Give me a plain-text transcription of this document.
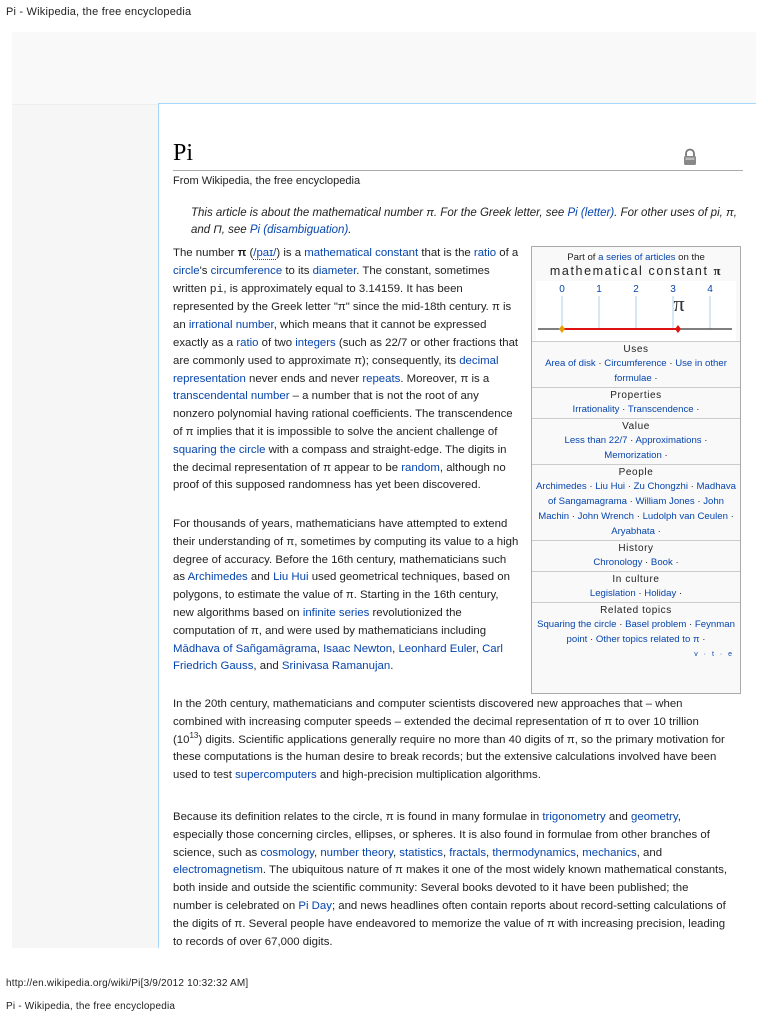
Pi - Wikipedia, the free encyclopedia
Pi
From Wikipedia, the free encyclopedia
This article is about the mathematical number π. For the Greek letter, see Pi (letter). For other uses of pi, π, and Π, see Pi (disambiguation).
The number π (/paɪ/) is a mathematical constant that is the ratio of a circle's circumference to its diameter. The constant, sometimes written pi, is approximately equal to 3.14159. It has been represented by the Greek letter "π" since the mid-18th century. π is an irrational number, which means that it cannot be expressed exactly as a ratio of two integers (such as 22/7 or other fractions that are commonly used to approximate π); consequently, its decimal representation never ends and never repeats. Moreover, π is a transcendental number – a number that is not the root of any nonzero polynomial having rational coefficients. The transcendence of π implies that it is impossible to solve the ancient challenge of squaring the circle with a compass and straight-edge. The digits in the decimal representation of π appear to be random, although no proof of this supposed randomness has yet been discovered.
For thousands of years, mathematicians have attempted to extend their understanding of π, sometimes by computing its value to a high degree of accuracy. Before the 16th century, mathematicians such as Archimedes and Liu Hui used geometrical techniques, based on polygons, to estimate the value of π. Starting in the 16th century, new algorithms based on infinite series revolutionized the computation of π, and were used by mathematicians including Mādhava of Sañgamāgrama, Isaac Newton, Leonhard Euler, Carl Friedrich Gauss, and Srinivasa Ramanujan.
In the 20th century, mathematicians and computer scientists discovered new approaches that – when combined with increasing computer speeds – extended the decimal representation of π to over 10 trillion $(10^{13})$ digits. Scientific applications generally require no more than 40 digits of π, so the primary motivation for these computations is the human desire to break records; but the extensive calculations involved have been used to test supercomputers and high-precision multiplication algorithms.
Because its definition relates to the circle, π is found in many formulae in trigonometry and geometry, especially those concerning circles, ellipses, or spheres. It is also found in formulae from other branches of science, such as cosmology, number theory, statistics, fractals, thermodynamics, mechanics, and electromagnetism. The ubiquitous nature of π makes it one of the most widely known mathematical constants, both inside and outside the scientific community: Several books devoted to it have been published; the number is celebrated on Pi Day; and news headlines often contain reports about record-setting calculations of the digits of π. Several people have endeavored to memorize the value of π with increasing precision, leading to records of over 67,000 digits.
Part of a series of articles on the
mathematical constant π
0	1	2	3	4
π
Uses
Area of disk · Circumference · Use in other formulae ·
Properties
Irrationality · Transcendence ·
Value
Less than 22/7 · Approximations · Memorization ·
People
Archimedes · Liu Hui · Zu Chongzhi · Madhava of Sangamagrama · William Jones · John Machin · John Wrench · Ludolph van Ceulen · Aryabhata ·
History
Chronology · Book ·
In culture
Legislation · Holiday ·
Related topics
Squaring the circle · Basel problem · Feynman point · Other topics related to π ·
v · t · e
http://en.wikipedia.org/wiki/Pi[3/9/2012 10:32:32 AM]
Pi - Wikipedia, the free encyclopedia
